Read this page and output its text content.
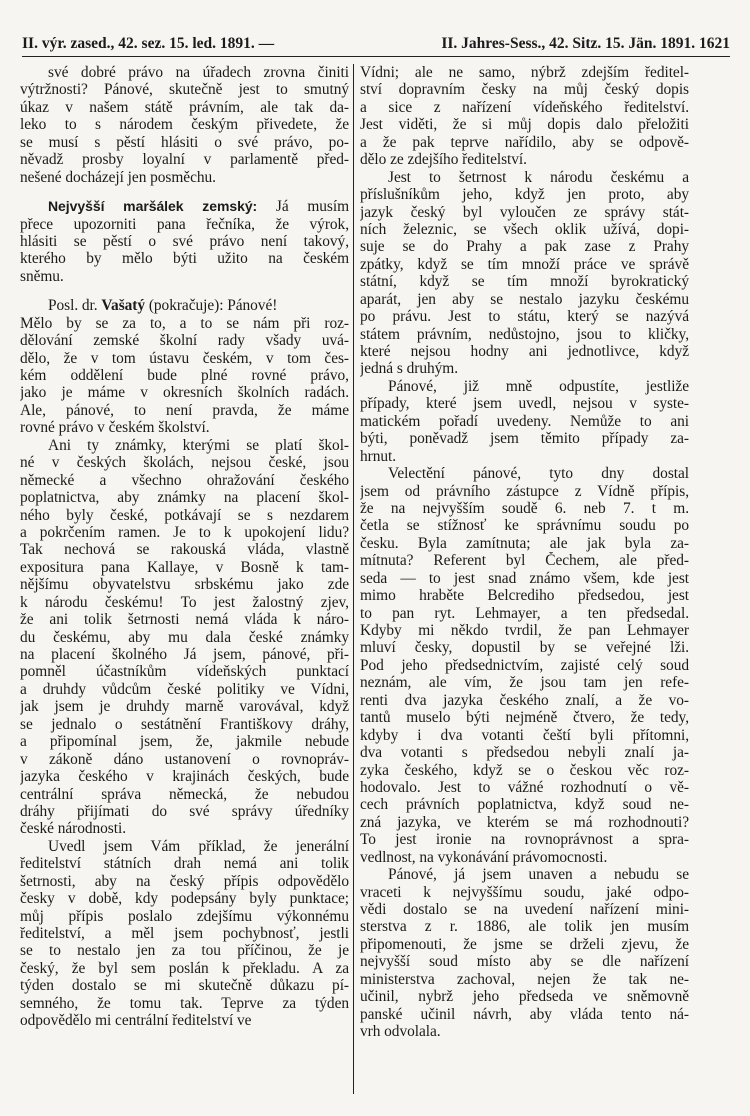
II. výr. zased., 42. sez. 15. led. 1891. —	II. Jahres-Sess., 42. Sitz. 15. Jän. 1891. 1621
své dobré právo na úřadech zrovna činiti
výtržnosti? Pánové, skutečně jest to smutný
úkaz v našem státě právním, ale tak da-
leko to s národem českým přivedete, že
se musí s pěstí hlásiti o své právo, po-
něvadž prosby loyalní v parlamentě před-
nešené docházejí jen posměchu.
Nejvyšší maršálek zemský: Já musím
přece upozorniti pana řečníka, že výrok,
hlásiti se pěstí o své právo není takový,
kterého by mělo býti užito na českém
sněmu.
Posl. dr. Vašatý (pokračuje): Pánové!
Mělo by se za to, a to se nám při roz-
dělování zemské školní rady všady uvá-
dělo, že v tom ústavu českém, v tom čes-
kém oddělení bude plné rovné právo,
jako je máme v okresních školních radách.
Ale, pánové, to není pravda, že máme
rovné právo v českém školství.
Ani ty známky, kterými se platí škol-
né v českých školách, nejsou české, jsou
německé a všechno ohražování českého
poplatnictva, aby známky na placení škol-
ného byly české, potkávají se s nezdarem
a pokrčením ramen. Je to k upokojení lidu?
Tak nechová se rakouská vláda, vlastně
expositura pana Kallaye, v Bosně k tam-
nějšímu obyvatelstvu srbskému jako zde
k národu českému! To jest žalostný zjev,
že ani tolik šetrnosti nemá vláda k náro-
du českému, aby mu dala české známky
na placení školného Já jsem, pánové, při-
pomněl účastníkům vídeňských punktací
a druhdy vůdcům české politiky ve Vídni,
jak jsem je druhdy marně varovával, když
se jednalo o sestátnění Františkovy dráhy,
a připomínal jsem, že, jakmile nebude
v zákoně dáno ustanovení o rovnopráv-
jazyka českého v krajinách českých, bude
centrální správa německá, že nebudou
dráhy přijímati do své správy úředníky
české národnosti.
Uvedl jsem Vám příklad, že jenerální
ředitelství státních drah nemá ani tolik
šetrnosti, aby na český přípis odpovědělo
česky v době, kdy podepsány byly punktace;
můj přípis poslalo zdejšímu výkonnému
ředitelství, a měl jsem pochybnosť, jestli
se to nestalo jen za tou příčinou, že je
český, že byl sem poslán k překladu. A za
týden dostalo se mi skutečně důkazu pí-
semného, že tomu tak. Teprve za týden
odpovědělo mi centrální ředitelství ve
Vídni; ale ne samo, nýbrž zdejším ředitel-
ství dopravním česky na můj český dopis
a sice z nařízení vídeňského ředitelství.
Jest viděti, že si můj dopis dalo přeložiti
a že pak teprve nařídilo, aby se odpově-
dělo ze zdejšího ředitelství.
Jest to šetrnost k národu českému a
příslušníkům jeho, když jen proto, aby
jazyk český byl vyloučen ze správy stát-
ních železnic, se všech oklik užívá, dopi-
suje se do Prahy a pak zase z Prahy
zpátky, když se tím množí práce ve správě
státní, když se tím množí byrokratický
aparát, jen aby se nestalo jazyku českému
po právu. Jest to státu, který se nazývá
státem právním, nedůstojno, jsou to kličky,
které nejsou hodny ani jednotlivce, když
jedná s druhým.
Pánové, již mně odpustíte, jestliže
případy, které jsem uvedl, nejsou v syste-
matickém pořadí uvedeny. Nemůže to ani
býti, poněvadž jsem těmito případy za-
hrnut.
Velectění pánové, tyto dny dostal
jsem od právního zástupce z Vídně přípis,
že na nejvyšším soudě 6. neb 7. t m.
četla se stížnosť ke správnímu soudu po
česku. Byla zamítnuta; ale jak byla za-
mítnuta? Referent byl Čechem, ale před-
seda — to jest snad známo všem, kde jest
mimo hraběte Belcrediho předsedou, jest
to pan ryt. Lehmayer, a ten předsedal.
Kdyby mi někdo tvrdil, že pan Lehmayer
mluví česky, dopustil by se veřejné lži.
Pod jeho předsednictvím, zajisté celý soud
neznám, ale vím, že jsou tam jen refe-
renti dva jazyka českého znalí, a že vo-
tantů muselo býti nejméně čtvero, že tedy,
kdyby i dva votanti čeští byli přítomni,
dva votanti s předsedou nebyli znalí ja-
zyka českého, když se o českou věc roz-
hodovalo. Jest to vážné rozhodnutí o vě-
cech právních poplatnictva, když soud ne-
zná jazyka, ve kterém se má rozhodnouti?
To jest ironie na rovnoprávnost a spra-
vedlnost, na vykonávání právomocnosti.
Pánové, já jsem unaven a nebudu se
vraceti k nejvyššímu soudu, jaké odpo-
vědi dostalo se na uvedení nařízení mini-
sterstva z r. 1886, ale tolik jen musím
připomenouti, že jsme se drželi zjevu, že
nejvyšší soud místo aby se dle nařízení
ministerstva zachoval, nejen že tak ne-
učinil, nybrž jeho předseda ve sněmovně
panské učinil návrh, aby vláda tento ná-
vrh odvolala.
